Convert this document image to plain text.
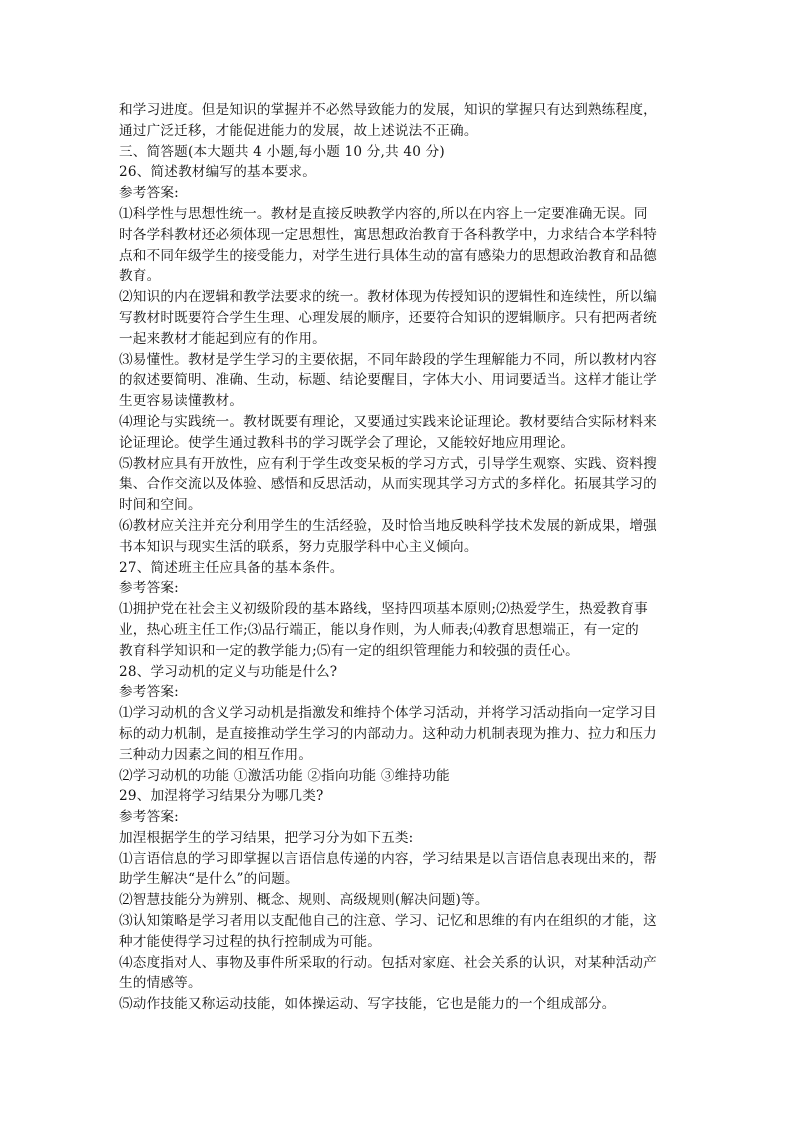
和学习进度。但是知识的掌握并不必然导致能力的发展，知识的掌握只有达到熟练程度，
通过广泛迁移，才能促进能力的发展，故上述说法不正确。
三、简答题(本大题共 4 小题,每小题 10 分,共 40 分)
26、简述教材编写的基本要求。
参考答案:
⑴科学性与思想性统一。教材是直接反映教学内容的,所以在内容上一定要准确无误。同
时各学科教材还必须体现一定思想性，寓思想政治教育于各科教学中，力求结合本学科特
点和不同年级学生的接受能力，对学生进行具体生动的富有感染力的思想政治教育和品德
教育。
⑵知识的内在逻辑和教学法要求的统一。教材体现为传授知识的逻辑性和连续性，所以编
写教材时既要符合学生生理、心理发展的顺序，还要符合知识的逻辑顺序。只有把两者统
一起来教材才能起到应有的作用。
⑶易懂性。教材是学生学习的主要依据，不同年龄段的学生理解能力不同，所以教材内容
的叙述要简明、准确、生动，标题、结论要醒目，字体大小、用词要适当。这样才能让学
生更容易读懂教材。
⑷理论与实践统一。教材既要有理论，又要通过实践来论证理论。教材要结合实际材料来
论证理论。使学生通过教科书的学习既学会了理论，又能较好地应用理论。
⑸教材应具有开放性，应有利于学生改变呆板的学习方式，引导学生观察、实践、资料搜
集、合作交流以及体验、感悟和反思活动，从而实现其学习方式的多样化。拓展其学习的
时间和空间。
⑹教材应关注并充分利用学生的生活经验，及时恰当地反映科学技术发展的新成果，增强
书本知识与现实生活的联系，努力克服学科中心主义倾向。
27、简述班主任应具备的基本条件。
参考答案:
⑴拥护党在社会主义初级阶段的基本路线，坚持四项基本原则;⑵热爱学生，热爱教育事
业，热心班主任工作;⑶品行端正，能以身作则，为人师表;⑷教育思想端正，有一定的
教育科学知识和一定的教学能力;⑸有一定的组织管理能力和较强的责任心。
28、学习动机的定义与功能是什么?
参考答案:
⑴学习动机的含义学习动机是指激发和维持个体学习活动，并将学习活动指向一定学习目
标的动力机制，是直接推动学生学习的内部动力。这种动力机制表现为推力、拉力和压力
三种动力因素之间的相互作用。
⑵学习动机的功能 ①激活功能 ②指向功能 ③维持功能
29、加涅将学习结果分为哪几类?
参考答案:
加涅根据学生的学习结果，把学习分为如下五类:
⑴言语信息的学习即掌握以言语信息传递的内容，学习结果是以言语信息表现出来的，帮
助学生解决“是什么”的问题。
⑵智慧技能分为辨别、概念、规则、高级规则(解决问题)等。
⑶认知策略是学习者用以支配他自己的注意、学习、记忆和思维的有内在组织的才能，这
种才能使得学习过程的执行控制成为可能。
⑷态度指对人、事物及事件所采取的行动。包括对家庭、社会关系的认识，对某种活动产
生的情感等。
⑸动作技能又称运动技能，如体操运动、写字技能，它也是能力的一个组成部分。
